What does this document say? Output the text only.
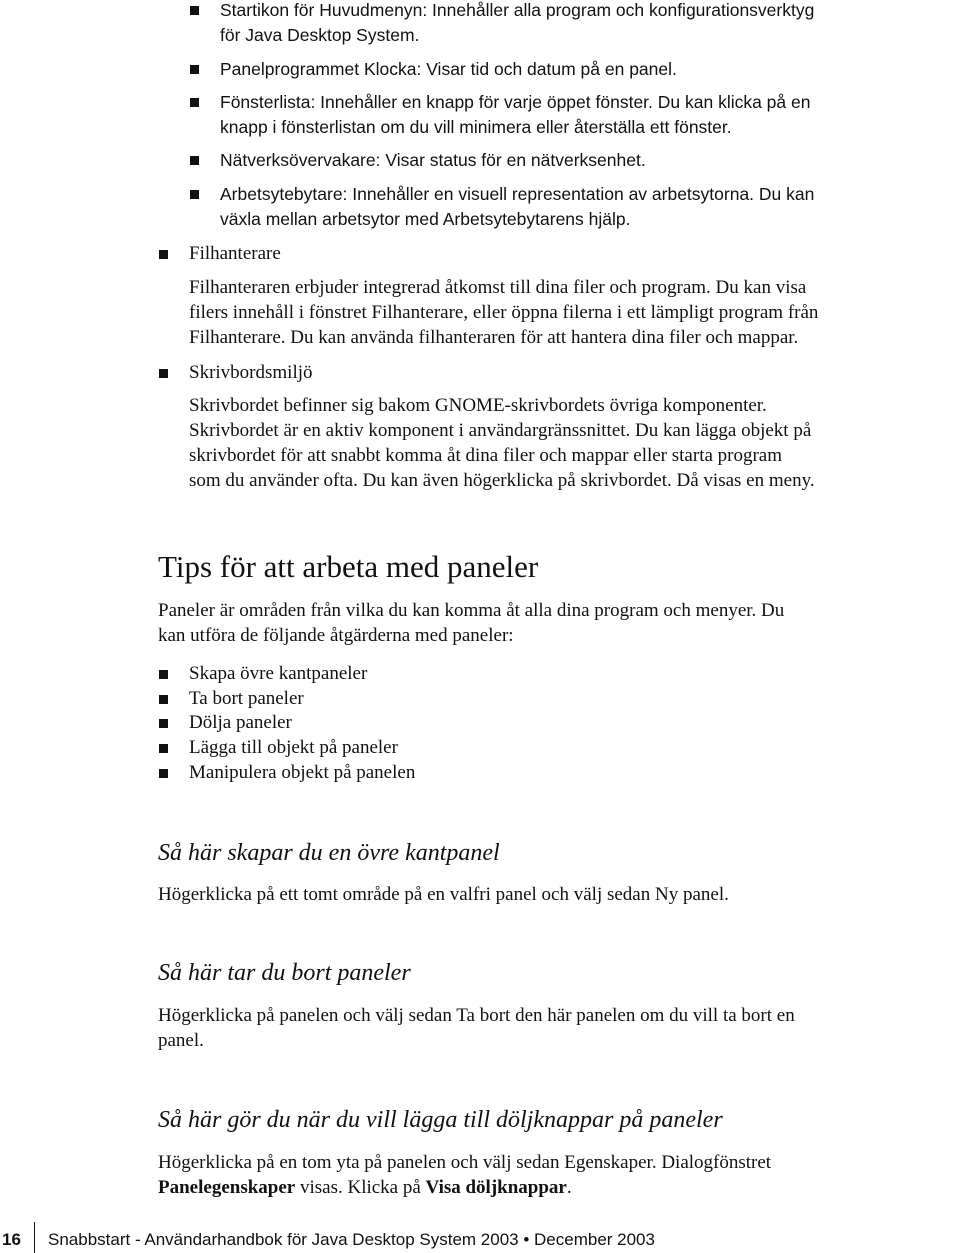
Startikon för Huvudmenyn: Innehåller alla program och konfigurationsverktyg
för Java Desktop System.
Panelprogrammet Klocka: Visar tid och datum på en panel.
Fönsterlista: Innehåller en knapp för varje öppet fönster. Du kan klicka på en
knapp i fönsterlistan om du vill minimera eller återställa ett fönster.
Nätverksövervakare: Visar status för en nätverksenhet.
Arbetsytebytare: Innehåller en visuell representation av arbetsytorna. Du kan
växla mellan arbetsytor med Arbetsytebytarens hjälp.
Filhanterare
Filhanteraren erbjuder integrerad åtkomst till dina filer och program. Du kan visa
filers innehåll i fönstret Filhanterare, eller öppna filerna i ett lämpligt program från
Filhanterare. Du kan använda filhanteraren för att hantera dina filer och mappar.
Skrivbordsmiljö
Skrivbordet befinner sig bakom GNOME-skrivbordets övriga komponenter.
Skrivbordet är en aktiv komponent i användargränssnittet. Du kan lägga objekt på
skrivbordet för att snabbt komma åt dina filer och mappar eller starta program
som du använder ofta. Du kan även högerklicka på skrivbordet. Då visas en meny.
Tips för att arbeta med paneler
Paneler är områden från vilka du kan komma åt alla dina program och menyer. Du
kan utföra de följande åtgärderna med paneler:
Skapa övre kantpaneler
Ta bort paneler
Dölja paneler
Lägga till objekt på paneler
Manipulera objekt på panelen
Så här skapar du en övre kantpanel
Högerklicka på ett tomt område på en valfri panel och välj sedan Ny panel.
Så här tar du bort paneler
Högerklicka på panelen och välj sedan Ta bort den här panelen om du vill ta bort en
panel.
Så här gör du när du vill lägga till döljknappar på paneler
Högerklicka på en tom yta på panelen och välj sedan Egenskaper. Dialogfönstret
Panelegenskaper visas. Klicka på Visa döljknappar.
16 Snabbstart - Användarhandbok för Java Desktop System 2003 • December 2003
